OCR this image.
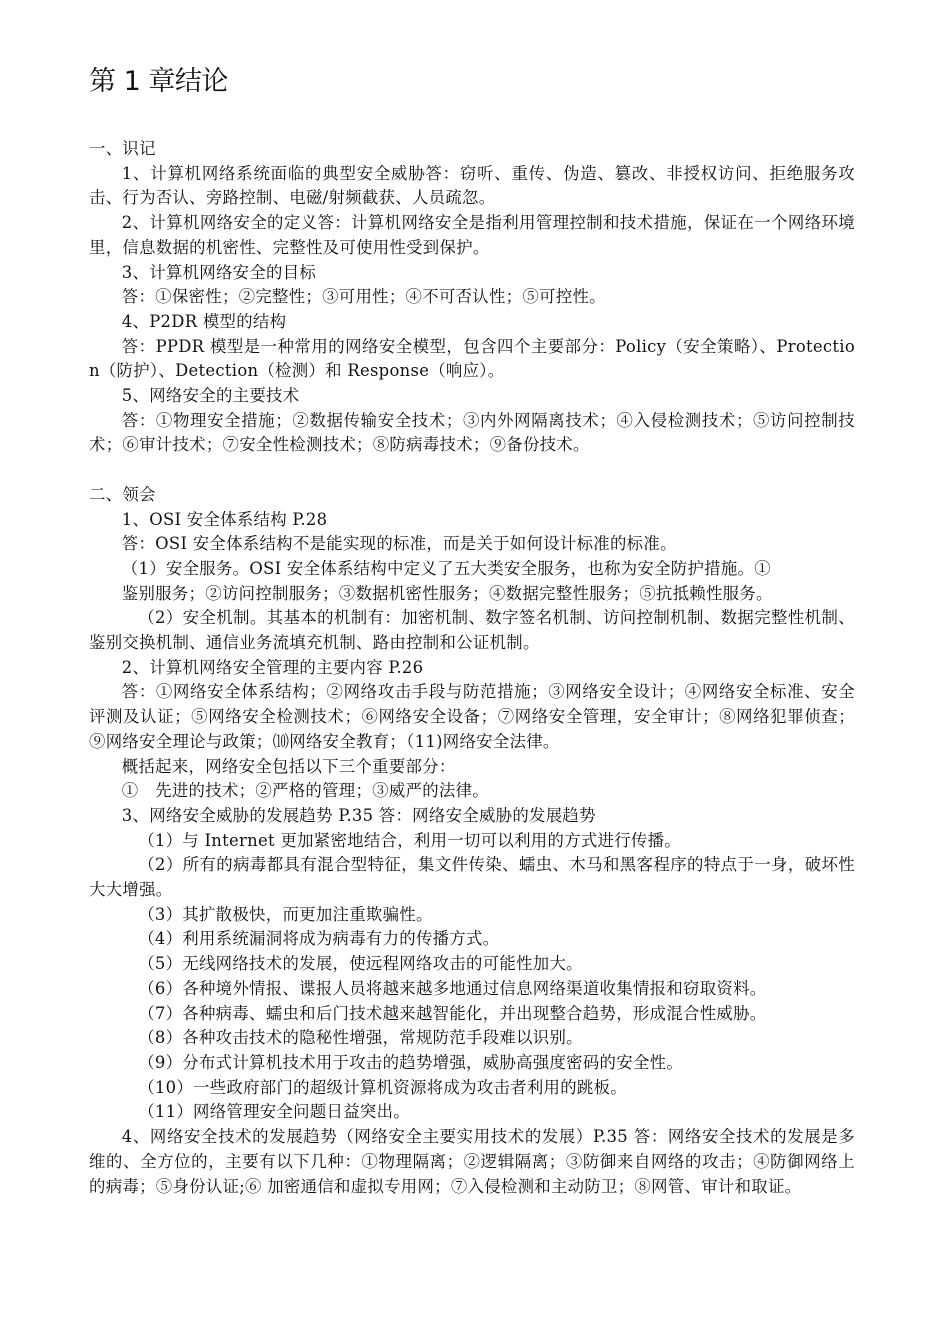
第 1 章结论

一、识记

1、计算机网络系统面临的典型安全威胁答：窃听、重传、伪造、篡改、非授权访问、拒绝服务攻击、行为否认、旁路控制、电磁/射频截获、人员疏忽。

2、计算机网络安全的定义答：计算机网络安全是指利用管理控制和技术措施，保证在一个网络环境里，信息数据的机密性、完整性及可使用性受到保护。

3、计算机网络安全的目标

答：①保密性；②完整性；③可用性；④不可否认性；⑤可控性。

4、P2DR 模型的结构

答：PPDR 模型是一种常用的网络安全模型，包含四个主要部分：Policy（安全策略）、Protection（防护）、Detection（检测）和 Response（响应）。

5、网络安全的主要技术

答：①物理安全措施；②数据传输安全技术；③内外网隔离技术；④入侵检测技术；⑤访问控制技术；⑥审计技术；⑦安全性检测技术；⑧防病毒技术；⑨备份技术。

二、领会

1、OSI 安全体系结构 P.28

答：OSI 安全体系结构不是能实现的标准，而是关于如何设计标准的标准。

（1）安全服务。OSI 安全体系结构中定义了五大类安全服务，也称为安全防护措施。①

鉴别服务；②访问控制服务；③数据机密性服务；④数据完整性服务；⑤抗抵赖性服务。

（2）安全机制。其基本的机制有：加密机制、数字签名机制、访问控制机制、数据完整性机制、鉴别交换机制、通信业务流填充机制、路由控制和公证机制。

2、计算机网络安全管理的主要内容 P.26

答：①网络安全体系结构；②网络攻击手段与防范措施；③网络安全设计；④网络安全标准、安全评测及认证；⑤网络安全检测技术；⑥网络安全设备；⑦网络安全管理，安全审计；⑧网络犯罪侦查；⑨网络安全理论与政策；⑽网络安全教育；（11)网络安全法律。

概括起来，网络安全包括以下三个重要部分：

①　先进的技术；②严格的管理；③威严的法律。

3、网络安全威胁的发展趋势 P.35 答：网络安全威胁的发展趋势

（1）与 Internet 更加紧密地结合，利用一切可以利用的方式进行传播。

（2）所有的病毒都具有混合型特征，集文件传染、蠕虫、木马和黑客程序的特点于一身，破坏性大大增强。

（3）其扩散极快，而更加注重欺骗性。

（4）利用系统漏洞将成为病毒有力的传播方式。

（5）无线网络技术的发展，使远程网络攻击的可能性加大。

（6）各种境外情报、谍报人员将越来越多地通过信息网络渠道收集情报和窃取资料。

（7）各种病毒、蠕虫和后门技术越来越智能化，并出现整合趋势，形成混合性威胁。

（8）各种攻击技术的隐秘性增强，常规防范手段难以识别。

（9）分布式计算机技术用于攻击的趋势增强，威胁高强度密码的安全性。

（10）一些政府部门的超级计算机资源将成为攻击者利用的跳板。

（11）网络管理安全问题日益突出。

4、网络安全技术的发展趋势（网络安全主要实用技术的发展）P.35 答：网络安全技术的发展是多维的、全方位的，主要有以下几种：①物理隔离；②逻辑隔离；③防御来自网络的攻击；④防御网络上的病毒；⑤身份认证;⑥ 加密通信和虚拟专用网；⑦入侵检测和主动防卫；⑧网管、审计和取证。
